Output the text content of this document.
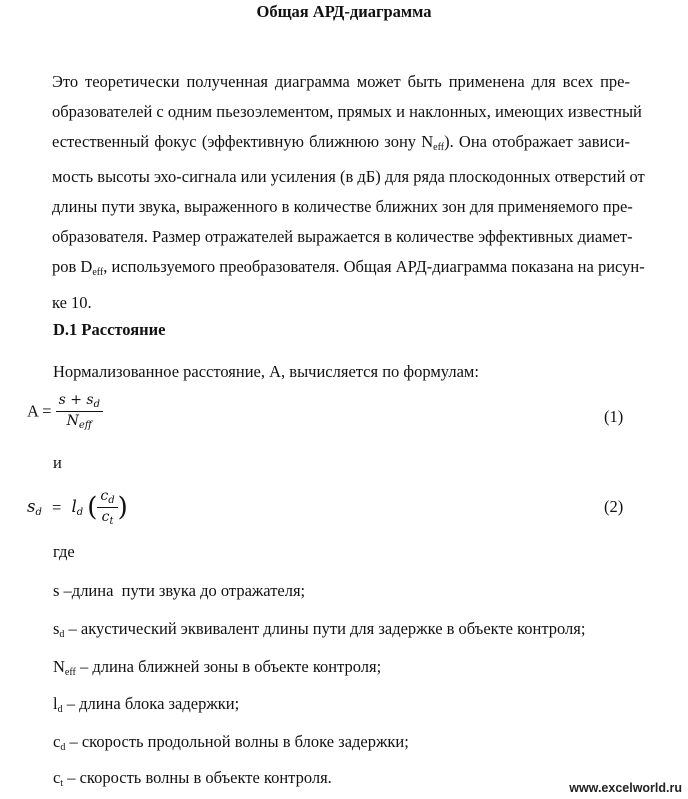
Общая АРД-диаграмма
Это теоретически полученная диаграмма может быть применена для всех пре-
образователей с одним пьезоэлементом, прямых и наклонных, имеющих известный
естественный фокус (эффективную ближнюю зону $N_{eff}$). Она отображает зависи-
мость высоты эхо-сигнала или усиления (в дБ) для ряда плоскодонных отверстий от
длины пути звука, выраженного в количестве ближних зон для применяемого пре-
образователя. Размер отражателей выражается в количестве эффективных диамет-
ров $D_{eff}$, используемого преобразователя. Общая АРД-диаграмма показана на рисун-
ке 10.
D.1 Расстояние
Нормализованное расстояние, А, вычисляется по формулам:
$A = \frac{s + s_d}{N_{eff}}$	(1)
и
$s_d = l_d$ ( $\frac{c_d}{c_t}$ )	(2)
где
s –длина  пути звука до отражателя;
$s_d$ – акустический эквивалент длины пути для задержке в объекте контроля;
$N_{eff}$ – длина ближней зоны в объекте контроля;
$l_d$ – длина блока задержки;
$c_d$ – скорость продольной волны в блоке задержки;
$c_t$ – скорость волны в объекте контроля.
www.excelworld.ru
